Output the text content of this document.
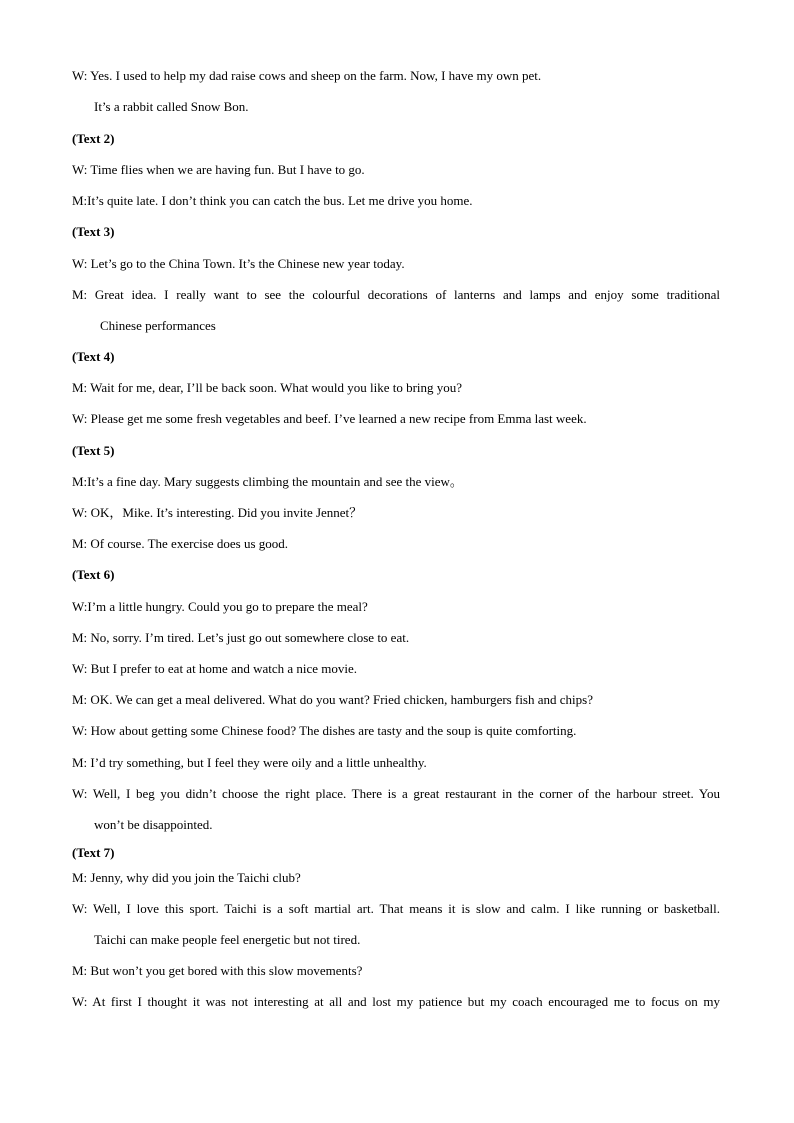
W: Yes. I used to help my dad raise cows and sheep on the farm. Now, I have my own pet.

It’s a rabbit called Snow Bon.

(Text 2)

W: Time flies when we are having fun. But I have to go.

M:It’s quite late. I don’t think you can catch the bus. Let me drive you home.

(Text 3)

W: Let’s go to the China Town. It’s the Chinese new year today.

M: Great idea. I really want to see the colourful decorations of lanterns and lamps and enjoy some traditional

Chinese performances

(Text 4)

M: Wait for me, dear, I’ll be back soon. What would you like to bring you?

W: Please get me some fresh vegetables and beef. I’ve learned a new recipe from Emma last week.

(Text 5)

M:It’s a fine day. Mary suggests climbing the mountain and see the view。

W: OK，Mike. It’s interesting. Did you invite Jennet？

M: Of course. The exercise does us good.

(Text 6)

W:I’m a little hungry. Could you go to prepare the meal?

M: No, sorry. I’m tired. Let’s just go out somewhere close to eat.

W: But I prefer to eat at home and watch a nice movie.

M: OK. We can get a meal delivered. What do you want? Fried chicken, hamburgers fish and chips?

W: How about getting some Chinese food? The dishes are tasty and the soup is quite comforting.

M: I’d try something, but I feel they were oily and a little unhealthy.

W: Well, I beg you didn’t choose the right place. There is a great restaurant in the corner of the harbour street. You

won’t be disappointed.

(Text 7)

M: Jenny, why did you join the Taichi club?

W: Well, I love this sport. Taichi is a soft martial art. That means it is slow and calm. I like running or basketball.

Taichi can make people feel energetic but not tired.

M: But won’t you get bored with this slow movements?

W: At first I thought it was not interesting at all and lost my patience but my coach encouraged me to focus on my
